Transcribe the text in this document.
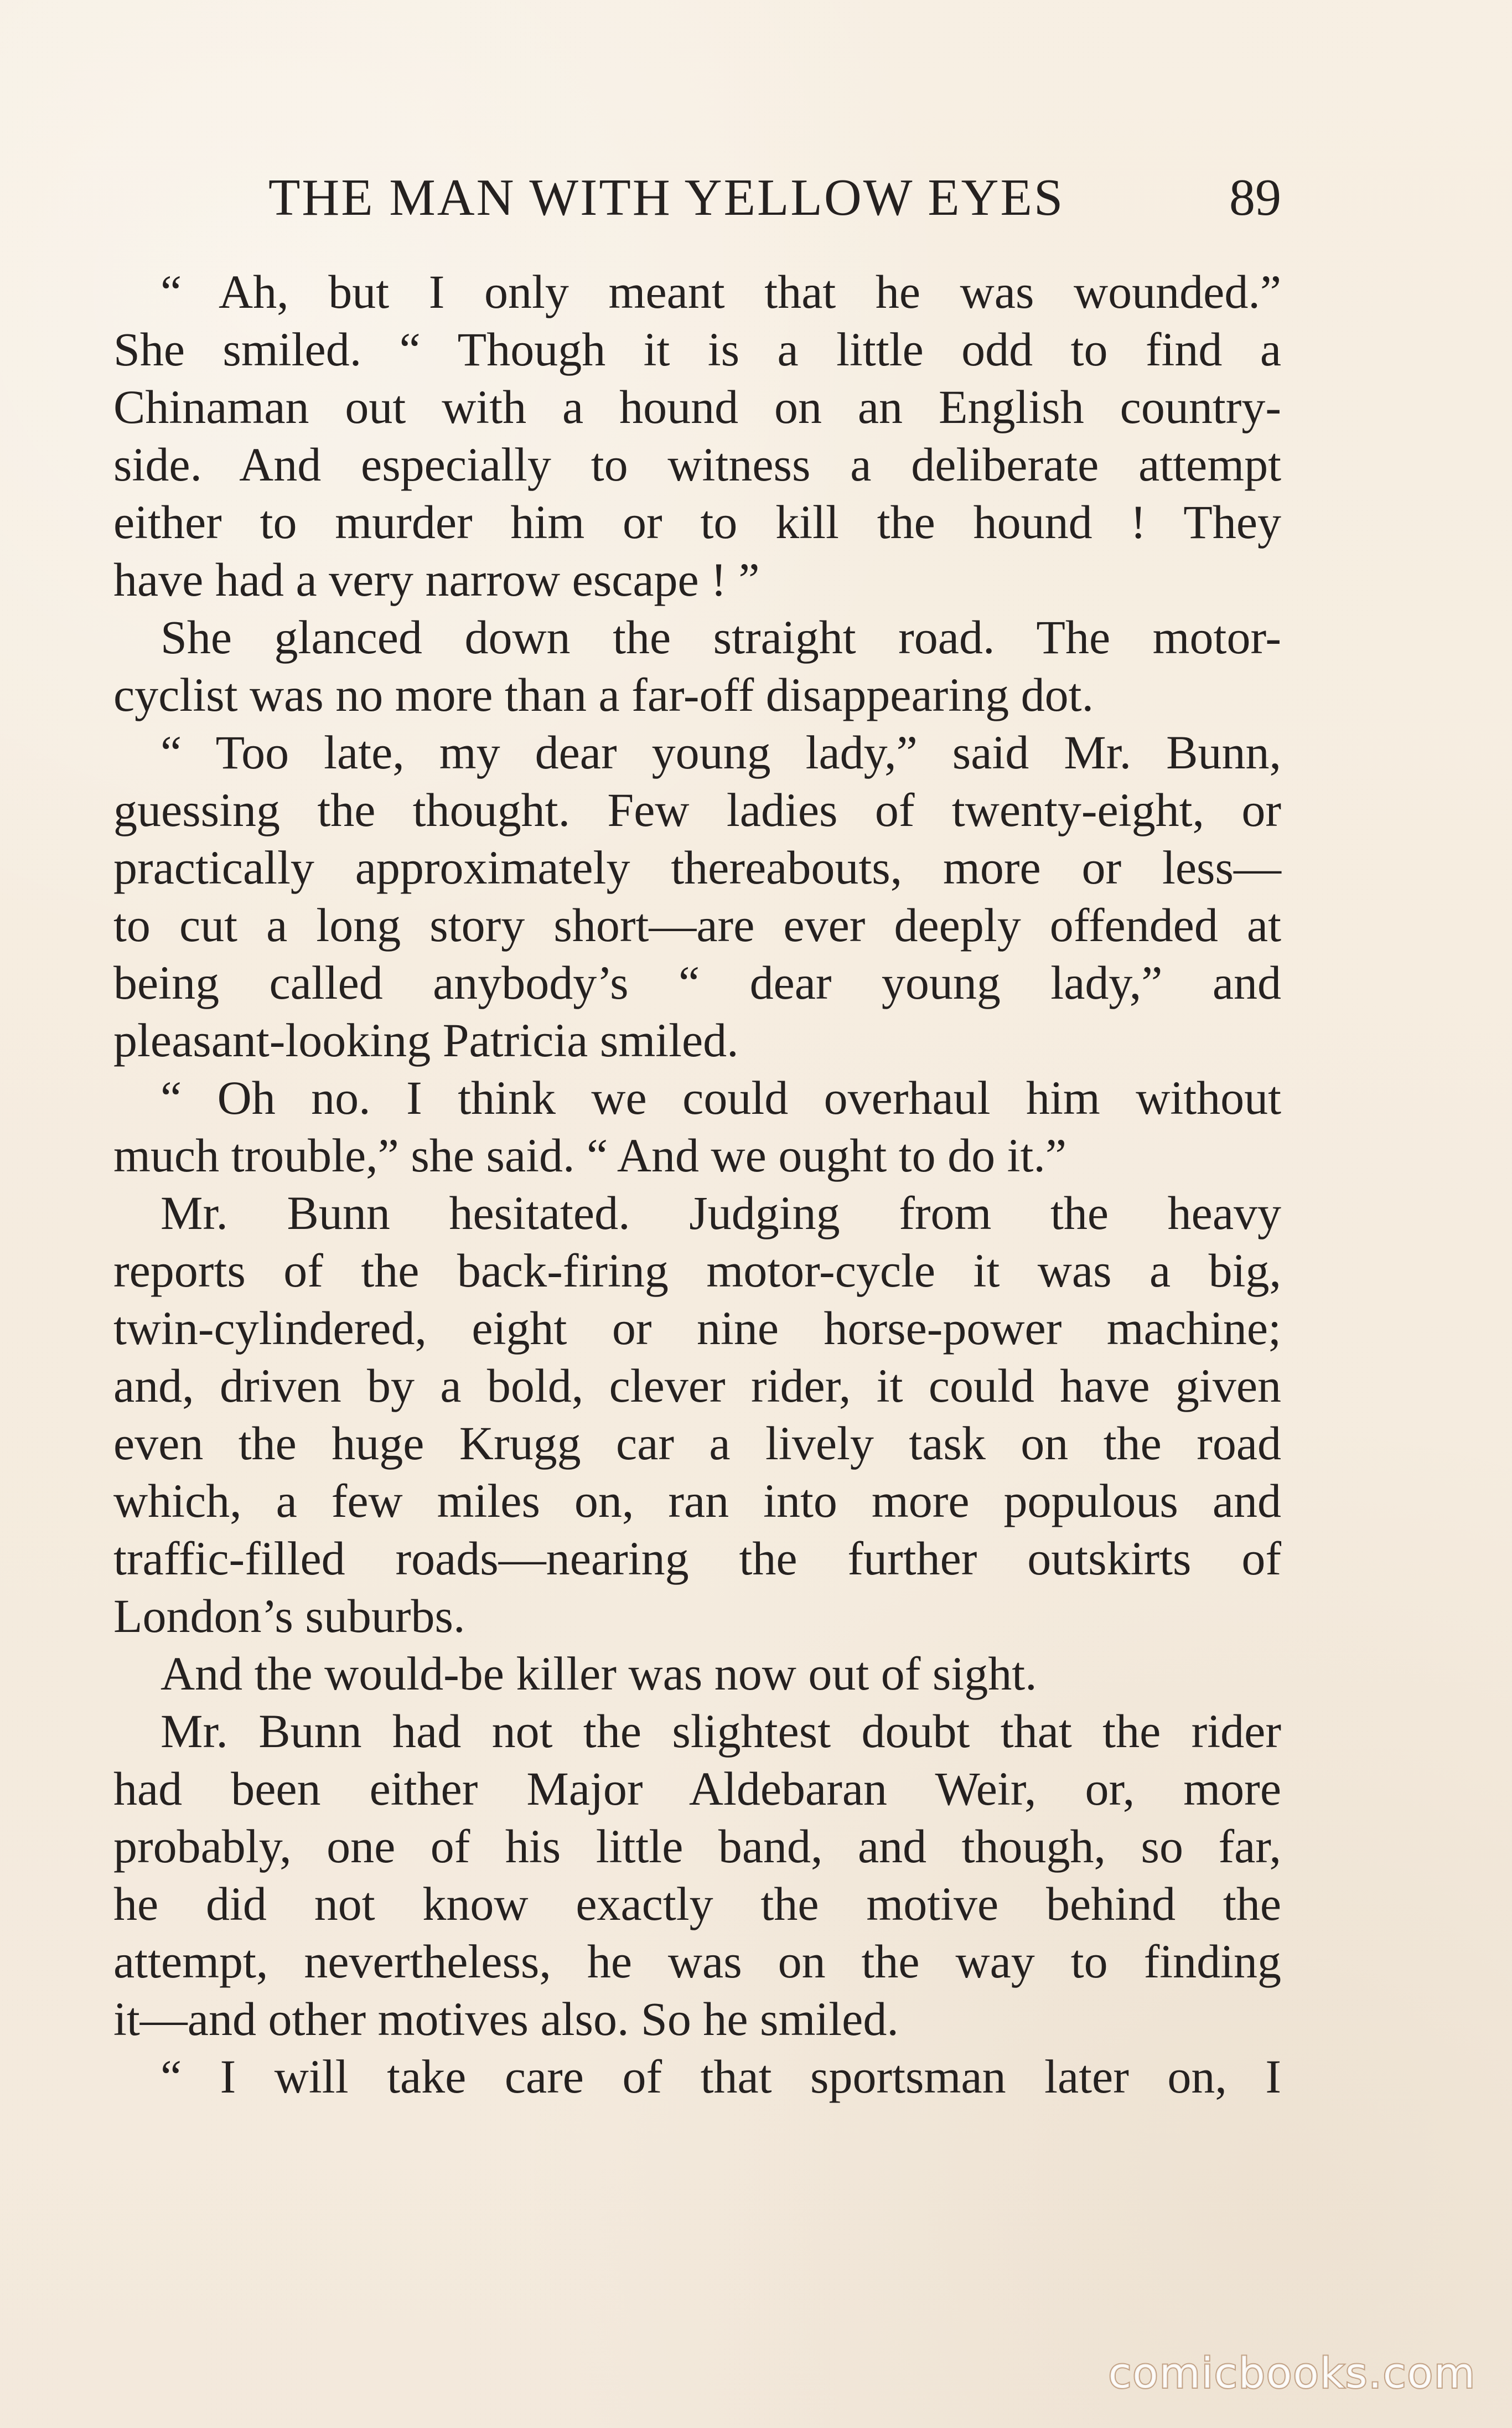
THE MAN WITH YELLOW EYES	89
“ Ah, but I only meant that he was wounded.”
She smiled. “ Though it is a little odd to find a
Chinaman out with a hound on an English country-
side. And especially to witness a deliberate attempt
either to murder him or to kill the hound ! They
have had a very narrow escape ! ”
She glanced down the straight road. The motor-
cyclist was no more than a far-off disappearing dot.
“ Too late, my dear young lady,” said Mr. Bunn,
guessing the thought. Few ladies of twenty-eight, or
practically approximately thereabouts, more or less—
to cut a long story short—are ever deeply offended at
being called anybody’s “ dear young lady,” and
pleasant-looking Patricia smiled.
“ Oh no. I think we could overhaul him without
much trouble,” she said. “ And we ought to do it.”
Mr. Bunn hesitated. Judging from the heavy
reports of the back-firing motor-cycle it was a big,
twin-cylindered, eight or nine horse-power machine;
and, driven by a bold, clever rider, it could have given
even the huge Krugg car a lively task on the road
which, a few miles on, ran into more populous and
traffic-filled roads—nearing the further outskirts of
London’s suburbs.
And the would-be killer was now out of sight.
Mr. Bunn had not the slightest doubt that the rider
had been either Major Aldebaran Weir, or, more
probably, one of his little band, and though, so far,
he did not know exactly the motive behind the
attempt, nevertheless, he was on the way to finding
it—and other motives also. So he smiled.
“ I will take care of that sportsman later on, I
comicbooks.com
